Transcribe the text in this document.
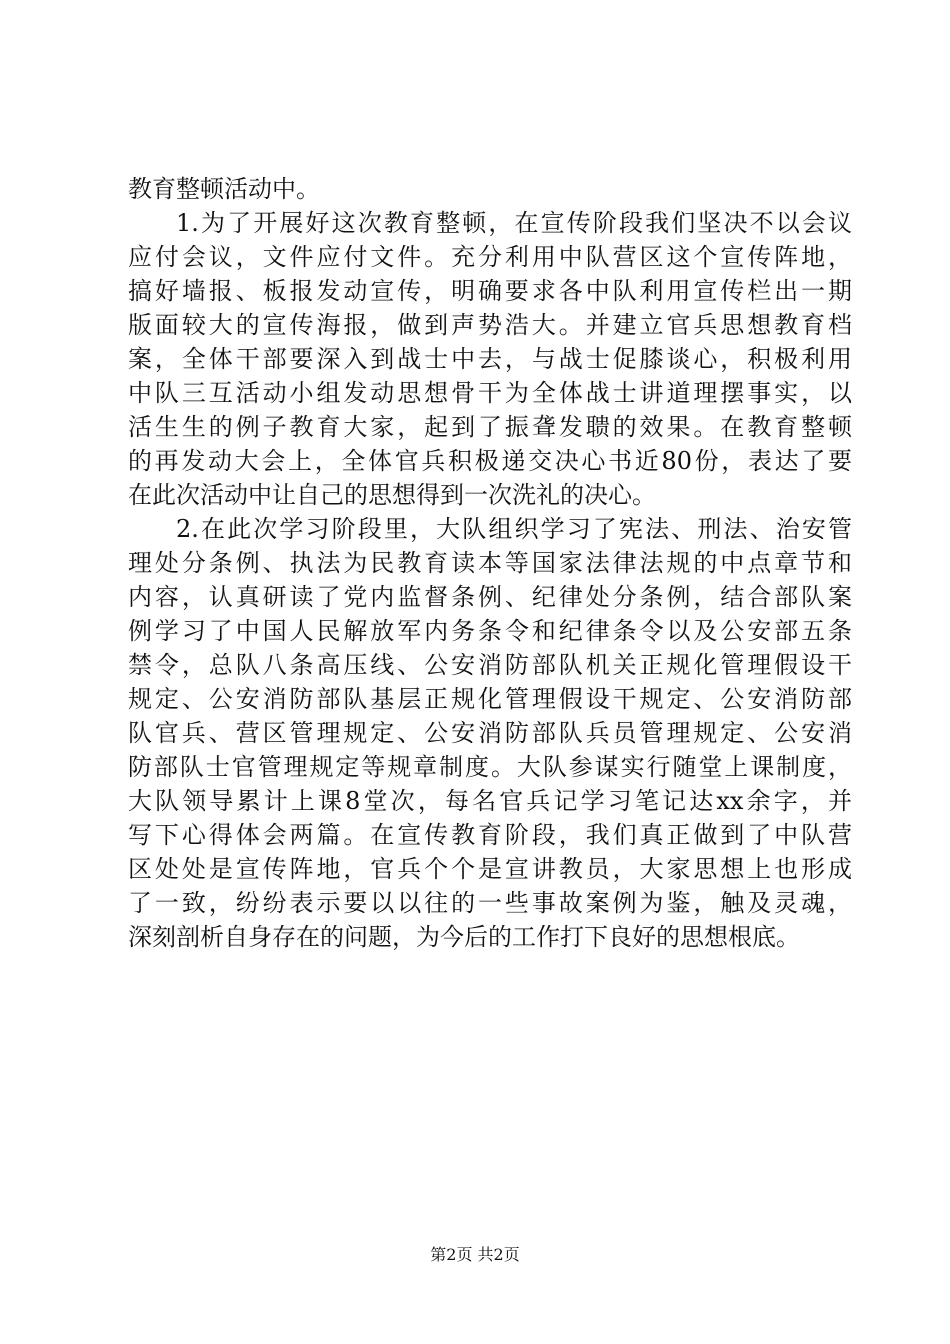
教育整顿活动中。
1.为了开展好这次教育整顿，在宣传阶段我们坚决不以会议
应付会议，文件应付文件。充分利用中队营区这个宣传阵地，
搞好墙报、板报发动宣传，明确要求各中队利用宣传栏出一期
版面较大的宣传海报，做到声势浩大。并建立官兵思想教育档
案，全体干部要深入到战士中去，与战士促膝谈心，积极利用
中队三互活动小组发动思想骨干为全体战士讲道理摆事实，以
活生生的例子教育大家，起到了振聋发聩的效果。在教育整顿
的再发动大会上，全体官兵积极递交决心书近80份，表达了要
在此次活动中让自己的思想得到一次洗礼的决心。
2.在此次学习阶段里，大队组织学习了宪法、刑法、治安管
理处分条例、执法为民教育读本等国家法律法规的中点章节和
内容，认真研读了党内监督条例、纪律处分条例，结合部队案
例学习了中国人民解放军内务条令和纪律条令以及公安部五条
禁令，总队八条高压线、公安消防部队机关正规化管理假设干
规定、公安消防部队基层正规化管理假设干规定、公安消防部
队官兵、营区管理规定、公安消防部队兵员管理规定、公安消
防部队士官管理规定等规章制度。大队参谋实行随堂上课制度，
大队领导累计上课8堂次，每名官兵记学习笔记达xx余字，并
写下心得体会两篇。在宣传教育阶段，我们真正做到了中队营
区处处是宣传阵地，官兵个个是宣讲教员，大家思想上也形成
了一致，纷纷表示要以以往的一些事故案例为鉴，触及灵魂，
深刻剖析自身存在的问题，为今后的工作打下良好的思想根底。
第2页 共2页
